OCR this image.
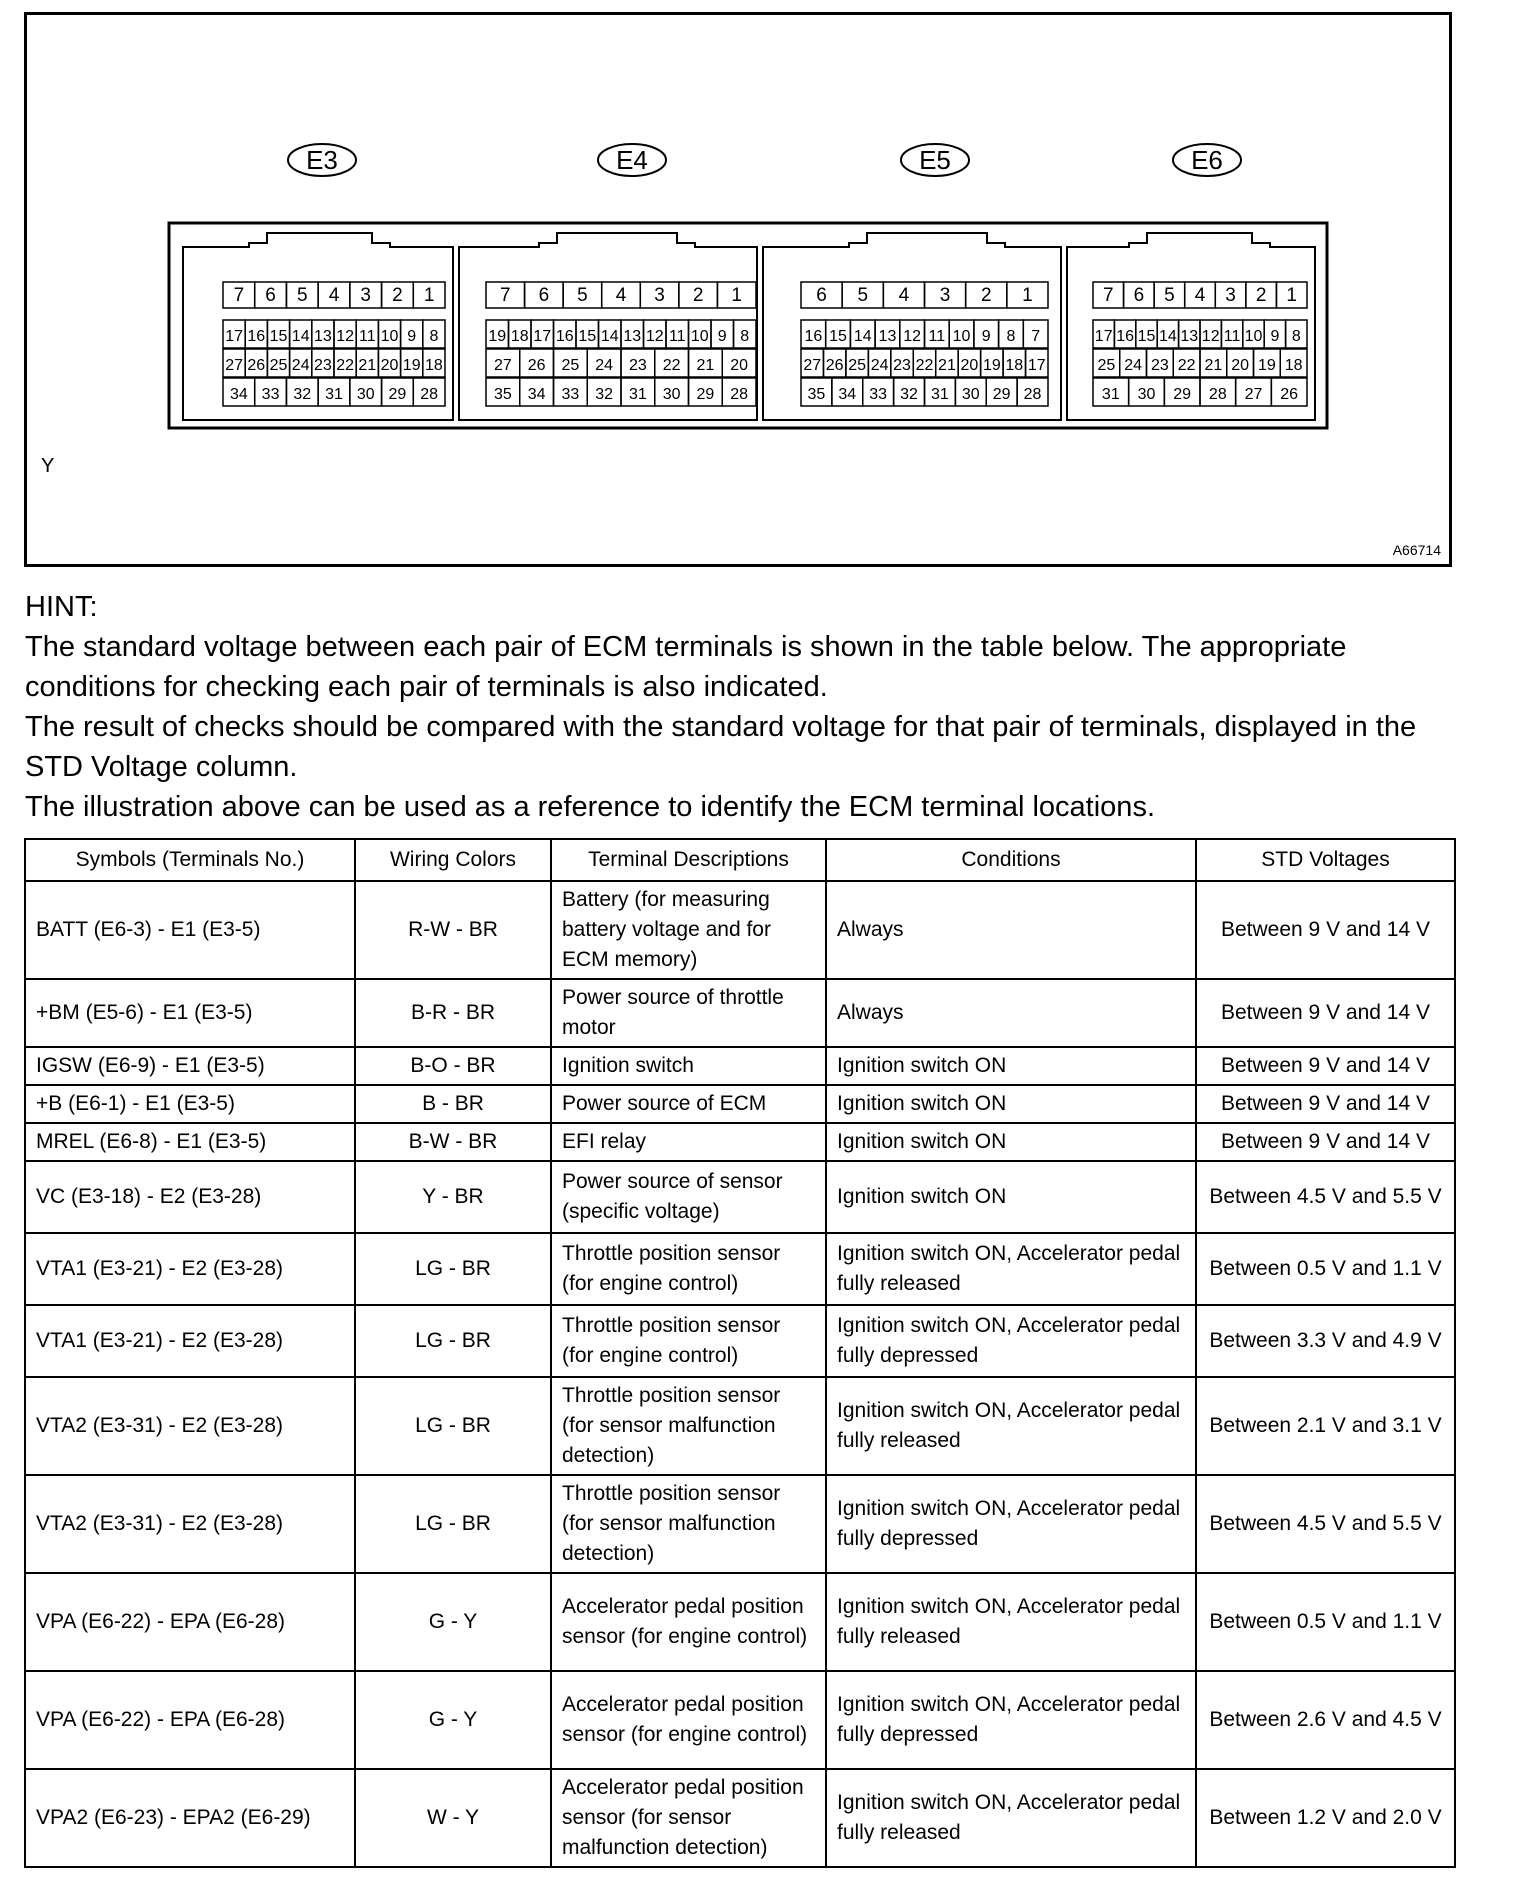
E3
7 6 5 4 3 2 1
17 16 15 14 13 12 11 10 9 8
27 26 25 24 23 22 21 20 19 18
34 33 32 31 30 29 28
E4
7 6 5 4 3 2 1
19 18 17 16 15 14 13 12 11 10 9 8
27 26 25 24 23 22 21 20
35 34 33 32 31 30 29 28
E5
6 5 4 3 2 1
16 15 14 13 12 11 10 9 8 7
27 26 25 24 23 22 21 20 19 18 17
35 34 33 32 31 30 29 28
E6
7 6 5 4 3 2 1
17 16 15 14 13 12 11 10 9 8
25 24 23 22 21 20 19 18
31 30 29 28 27 26
Y
A66714

HINT:

The standard voltage between each pair of ECM terminals is shown in the table below. The appropriate conditions for checking each pair of terminals is also indicated.

The result of checks should be compared with the standard voltage for that pair of terminals, displayed in the STD Voltage column.

The illustration above can be used as a reference to identify the ECM terminal locations.

Symbols (Terminals No.)	Wiring Colors	Terminal Descriptions	Conditions	STD Voltages
BATT (E6-3) - E1 (E3-5)	R-W - BR	Battery (for measuring battery voltage and for ECM memory)	Always	Between 9 V and 14 V
+BM (E5-6) - E1 (E3-5)	B-R - BR	Power source of throttle motor	Always	Between 9 V and 14 V
IGSW (E6-9) - E1 (E3-5)	B-O - BR	Ignition switch	Ignition switch ON	Between 9 V and 14 V
+B (E6-1) - E1 (E3-5)	B - BR	Power source of ECM	Ignition switch ON	Between 9 V and 14 V
MREL (E6-8) - E1 (E3-5)	B-W - BR	EFI relay	Ignition switch ON	Between 9 V and 14 V
VC (E3-18) - E2 (E3-28)	Y - BR	Power source of sensor (specific voltage)	Ignition switch ON	Between 4.5 V and 5.5 V
VTA1 (E3-21) - E2 (E3-28)	LG - BR	Throttle position sensor (for engine control)	Ignition switch ON, Accelerator pedal fully released	Between 0.5 V and 1.1 V
VTA1 (E3-21) - E2 (E3-28)	LG - BR	Throttle position sensor (for engine control)	Ignition switch ON, Accelerator pedal fully depressed	Between 3.3 V and 4.9 V
VTA2 (E3-31) - E2 (E3-28)	LG - BR	Throttle position sensor (for sensor malfunction detection)	Ignition switch ON, Accelerator pedal fully released	Between 2.1 V and 3.1 V
VTA2 (E3-31) - E2 (E3-28)	LG - BR	Throttle position sensor (for sensor malfunction detection)	Ignition switch ON, Accelerator pedal fully depressed	Between 4.5 V and 5.5 V
VPA (E6-22) - EPA (E6-28)	G - Y	Accelerator pedal position sensor (for engine control)	Ignition switch ON, Accelerator pedal fully released	Between 0.5 V and 1.1 V
VPA (E6-22) - EPA (E6-28)	G - Y	Accelerator pedal position sensor (for engine control)	Ignition switch ON, Accelerator pedal fully depressed	Between 2.6 V and 4.5 V
VPA2 (E6-23) - EPA2 (E6-29)	W - Y	Accelerator pedal position sensor (for sensor malfunction detection)	Ignition switch ON, Accelerator pedal fully released	Between 1.2 V and 2.0 V
